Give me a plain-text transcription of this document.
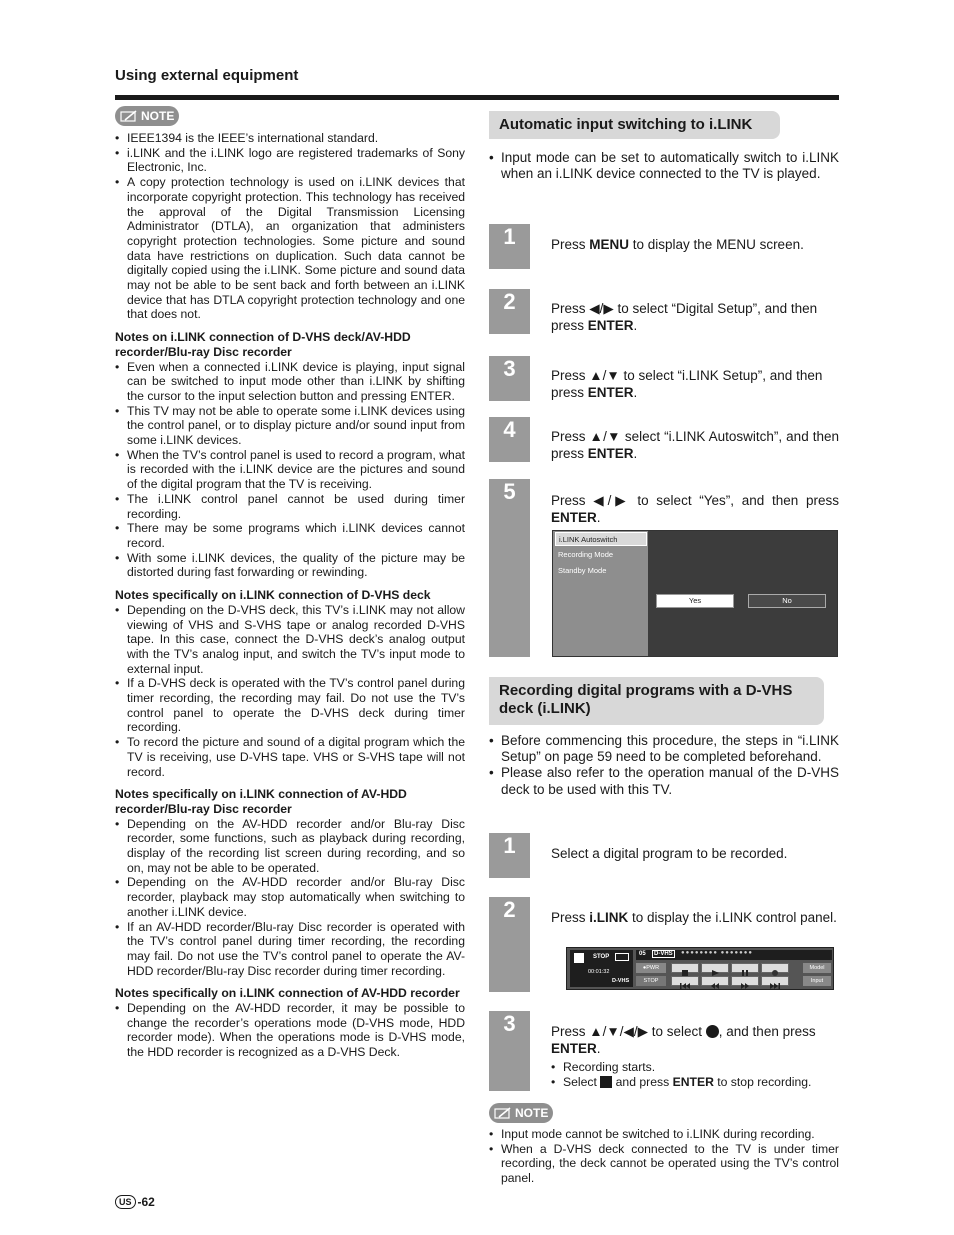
Using external equipment
NOTE
• IEEE1394 is the IEEE’s international standard.
• i.LINK and the i.LINK logo are registered trademarks of Sony Electronic, Inc.
• A copy protection technology is used on i.LINK devices that incorporate copyright protection. This technology has received the approval of the Digital Transmission Licensing Administrator (DTLA), an organization that administers copyright protection technologies. Some picture and sound data have restrictions on duplication. Such data cannot be digitally copied using the i.LINK. Some picture and sound data may not be able to be sent back and forth between an i.LINK device that has DTLA copyright protection technology and one that does not.
Notes on i.LINK connection of D-VHS deck/AV-HDD recorder/Blu-ray Disc recorder
• Even when a connected i.LINK device is playing, input signal can be switched to input mode other than i.LINK by shifting the cursor to the input selection button and pressing ENTER.
• This TV may not be able to operate some i.LINK devices using the control panel, or to display picture and/or sound input from some i.LINK devices.
• When the TV’s control panel is used to record a program, what is recorded with the i.LINK device are the pictures and sound of the digital program that the TV is receiving.
• The i.LINK control panel cannot be used during timer recording.
• There may be some programs which i.LINK devices cannot record.
• With some i.LINK devices, the quality of the picture may be distorted during fast forwarding or rewinding.
Notes specifically on i.LINK connection of D-VHS deck
• Depending on the D-VHS deck, this TV’s i.LINK may not allow viewing of VHS and S-VHS tape or analog recorded D-VHS tape. In this case, connect the D-VHS deck’s analog output with the TV’s analog input, and switch the TV’s input mode to external input.
• If a D-VHS deck is operated with the TV’s control panel during timer recording, the recording may fail. Do not use the TV’s control panel to operate the D-VHS deck during timer recording.
• To record the picture and sound of a digital program which the TV is receiving, use D-VHS tape. VHS or S-VHS tape will not record.
Notes specifically on i.LINK connection of AV-HDD recorder/Blu-ray Disc recorder
• Depending on the AV-HDD recorder and/or Blu-ray Disc recorder, some functions, such as playback during recording, display of the recording list screen during recording, and so on, may not be able to be operated.
• Depending on the AV-HDD recorder and/or Blu-ray Disc recorder, playback may stop automatically when switching to another i.LINK device.
• If an AV-HDD recorder/Blu-ray Disc recorder is operated with the TV’s control panel during timer recording, the recording may fail. Do not use the TV’s control panel to operate the AV-HDD recorder/Blu-ray Disc recorder during timer recording.
Notes specifically on i.LINK connection of AV-HDD recorder
• Depending on the AV-HDD recorder, it may be possible to change the recorder’s operations mode (D-VHS mode, HDD recorder mode). When the operations mode is D-VHS mode, the HDD recorder is recognized as a D-VHS Deck.
Automatic input switching to i.LINK
• Input mode can be set to automatically switch to i.LINK when an i.LINK device connected to the TV is played.
1	Press MENU to display the MENU screen.
2	Press ◀/▶ to select “Digital Setup”, and then press ENTER.
3	Press ▲/▼ to select “i.LINK Setup”, and then press ENTER.
4	Press ▲/▼ select “i.LINK Autoswitch”, and then press ENTER.
5	Press ◀/▶ to select “Yes”, and then press ENTER.
i.LINK Autoswitch
Recording Mode
Standby Mode
Yes	No
Recording digital programs with a D-VHS deck (i.LINK)
• Before commencing this procedure, the steps in “i.LINK Setup” on page 59 need to be completed beforehand.
• Please also refer to the operation manual of the D-VHS deck to be used with this TV.
1	Select a digital program to be recorded.
2	Press i.LINK to display the i.LINK control panel.
STOP
00:01:32
D-VHS
05	D-VHS	●●●●●●●● ●●●●●●●
●PWR
STOP
Model
Input
3	Press ▲/▼/◀/▶ to select , and then press ENTER.
• Recording starts.
• Select  and press ENTER to stop recording.
NOTE
• Input mode cannot be switched to i.LINK during recording.
• When a D-VHS deck connected to the TV is under timer recording, the deck cannot be operated using the TV’s control panel.
US -62
